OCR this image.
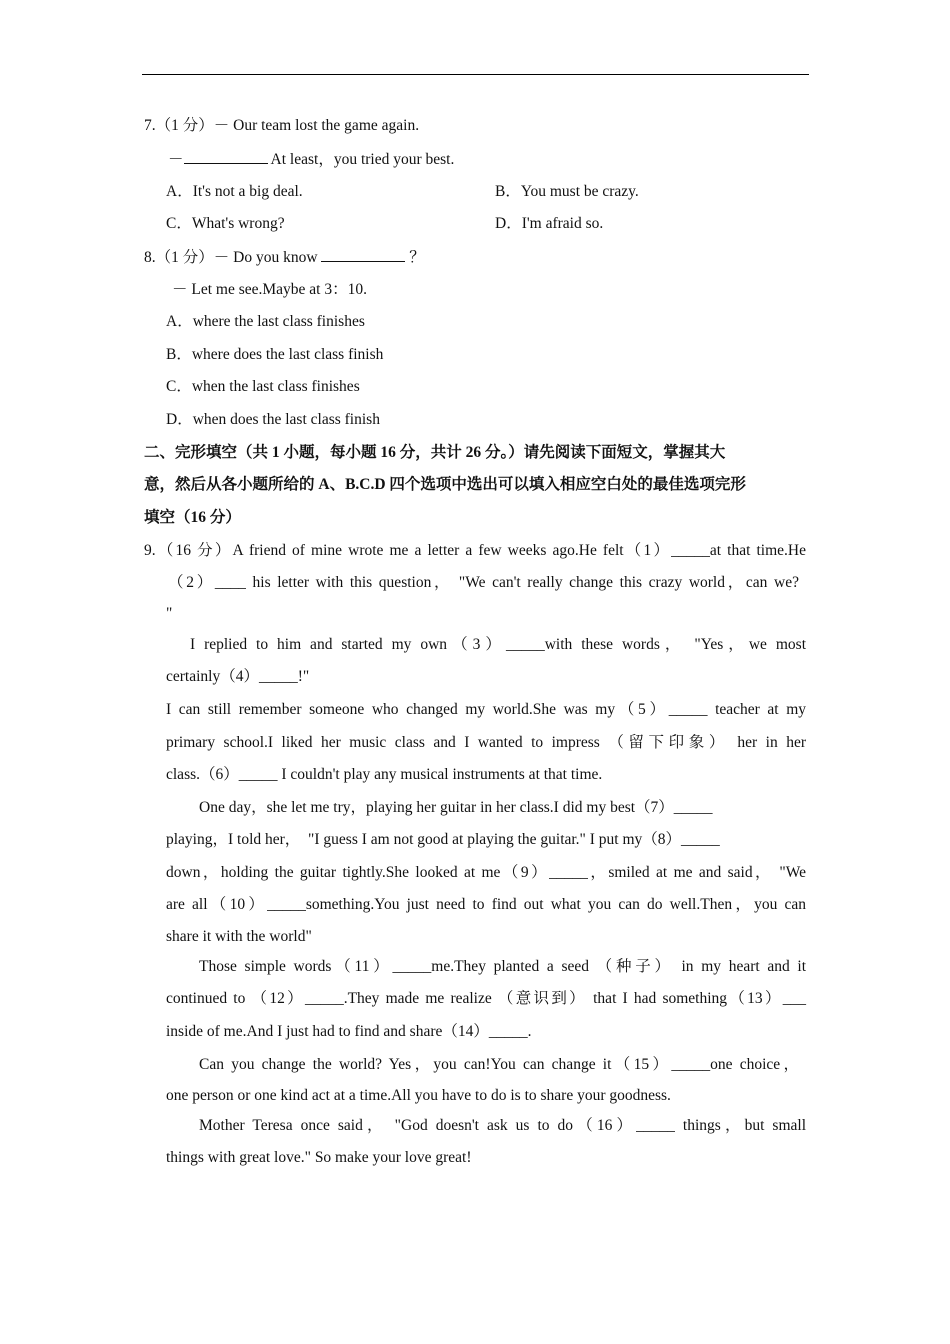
7.（1 分）－ Our team lost the game again.
－	At least，you tried your best.
A．It's not a big deal.	B．You must be crazy.
C．What's wrong?	D．I'm afraid so.
8.（1 分）－ Do you know	？
－ Let me see.Maybe at 3：10.
A．where the last class finishes
B．where does the last class finish
C．when the last class finishes
D．when does the last class finish
二、完形填空（共 1 小题，每小题 16 分，共计 26 分。）请先阅读下面短文，掌握其大
意，然后从各小题所给的 A、B.C.D 四个选项中选出可以填入相应空白处的最佳选项完形
填空（16 分）
9.（16 分）A friend of mine wrote me a letter a few weeks ago.He felt（1）_____at that time.He
（2）____ his letter with this question， "We can't really change this crazy world，can we?
"
I replied to him and started my own（3）_____with these words， "Yes，we most
certainly（4）_____!"
I can still remember someone who changed my world.She was my（5）_____ teacher at my
primary school.I liked her music class and I wanted to impress （留下印象） her in her
class.（6）_____ I couldn't play any musical instruments at that time.
One day，she let me try，playing her guitar in her class.I did my best（7）_____
playing，I told her，  "I guess I am not good at playing the guitar." I put my（8）_____
down，holding the guitar tightly.She looked at me（9）_____，smiled at me and said， "We
are all（10）_____something.You just need to find out what you can do well.Then，you can
share it with the world"
Those simple words（11）_____me.They planted a seed （种子） in my heart and it
continued to （12）_____.They made me realize （意识到） that I had something（13）___
inside of me.And I just had to find and share（14）_____.
Can you change the world? Yes，you can!You can change it（15）_____one choice，
one person or one kind act at a time.All you have to do is to share your goodness.
Mother Teresa once said， "God doesn't ask us to do（16）_____ things，but small
things with great love." So make your love great!
